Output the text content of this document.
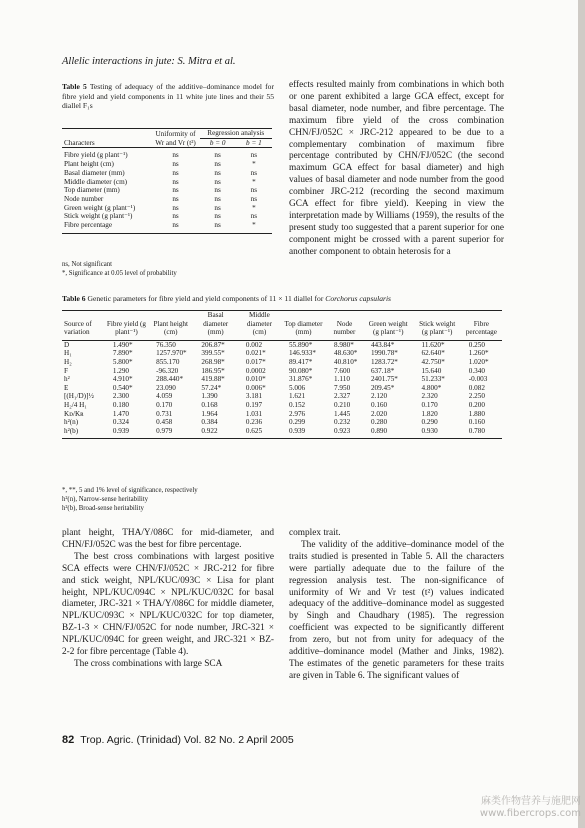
Allelic interactions in jute: S. Mitra et al.
Table 5 Testing of adequacy of the additive–dominance model for fibre yield and yield components in 11 white jute lines and their 55 diallel F₁s
Characters	Uniformity of Wr and Vr (t²)	Regression analysis	
		b = 0	b = 1

Fibre yield (g plant⁻¹)	ns	ns	ns
Plant height (cm)	ns	ns	*
Basal diameter (mm)	ns	ns	ns
Middle diameter (cm)	ns	ns	*
Top diameter (mm)	ns	ns	ns
Node number	ns	ns	ns
Green weight (g plant⁻¹)	ns	ns	*
Stick weight (g plant⁻¹)	ns	ns	ns
Fibre percentage	ns	ns	*

ns, Not significant
*, Significance at 0.05 level of probability

effects resulted mainly from combinations in which both or one parent exhibited a large GCA effect, except for basal diameter, node number, and fibre percentage. The maximum fibre yield of the cross combination CHN/FJ/052C × JRC-212 appeared to be due to a complementary combination of maximum fibre percentage contributed by CHN/FJ/052C (the second maximum GCA effect for basal diameter) and high values of basal diameter and node number from the good combiner JRC-212 (recording the second maximum GCA effect for fibre yield). Keeping in view the interpretation made by Williams (1959), the results of the present study too suggested that a parent superior for one component might be crossed with a parent superior for another component to obtain heterosis for a

Table 6 Genetic parameters for fibre yield and yield components of 11 × 11 diallel for Corchorus capsularis
Source of variation	Fibre yield (g plant⁻¹)	Plant height (cm)	Basal diameter (mm)	Middle diameter (cm)	Top diameter (mm)	Node number	Green weight (g plant⁻¹)	Stick weight (g plant⁻¹)	Fibre percentage

D	1.490*	76.350	206.87*	0.002	55.890*	8.980*	443.84*	11.620*	0.250
H₁	7.890*	1257.970*	399.55*	0.021*	146.933*	48.630*	1990.78*	62.640*	1.260*
H₂	5.800*	855.170	268.98*	0.017*	89.417*	40.810*	1283.72*	42.750*	1.020*
F	1.290	-96.320	186.95*	0.0002	90.080*	7.600	637.18*	15.640	0.340
h²	4.910*	288.440*	419.88*	0.010*	31.876*	1.110	2401.75*	51.233*	-0.003
E	0.540*	23.090	57.24*	0.006*	5.006	7.950	209.45*	4.800*	0.082
[(H₁/D)]½	2.300	4.059	1.390	3.181	1.621	2.327	2.120	2.320	2.250
H₂/4 H₁	0.180	0.170	0.168	0.197	0.152	0.210	0.160	0.170	0.200
Kᴅ/Kʀ	1.470	0.731	1.964	1.031	2.976	1.445	2.020	1.820	1.880
h²(n)	0.324	0.458	0.384	0.236	0.299	0.232	0.280	0.290	0.160
h²(b)	0.939	0.979	0.922	0.625	0.939	0.923	0.890	0.930	0.780

*, **, 5 and 1% level of significance, respectively
h²(n), Narrow-sense heritability
h²(b), Broad-sense heritability

plant height, THA/Y/086C for mid-diameter, and CHN/FJ/052C was the best for fibre percentage.

The best cross combinations with largest positive SCA effects were CHN/FJ/052C × JRC-212 for fibre and stick weight, NPL/KUC/093C × Lisa for plant height, NPL/KUC/094C × NPL/KUC/032C for basal diameter, JRC-321 × THA/Y/086C for middle diameter, NPL/KUC/093C × NPL/KUC/032C for top diameter, BZ-1-3 × CHN/FJ/052C for node number, JRC-321 × NPL/KUC/094C for green weight, and JRC-321 × BZ-2-2 for fibre percentage (Table 4).

The cross combinations with large SCA

complex trait.

The validity of the additive–dominance model of the traits studied is presented in Table 5. All the characters were partially adequate due to the failure of the regression analysis test. The non-significance of uniformity of Wr and Vr test (t²) values indicated adequacy of the additive–dominance model as suggested by Singh and Chaudhary (1985). The regression coefficient was expected to be significantly different from zero, but not from unity for adequacy of the additive–dominance model (Mather and Jinks, 1982). The estimates of the genetic parameters for these traits are given in Table 6. The significant values of

82 Trop. Agric. (Trinidad) Vol. 82 No. 2 April 2005
麻类作物营养与施肥网
www.fibercrops.com
